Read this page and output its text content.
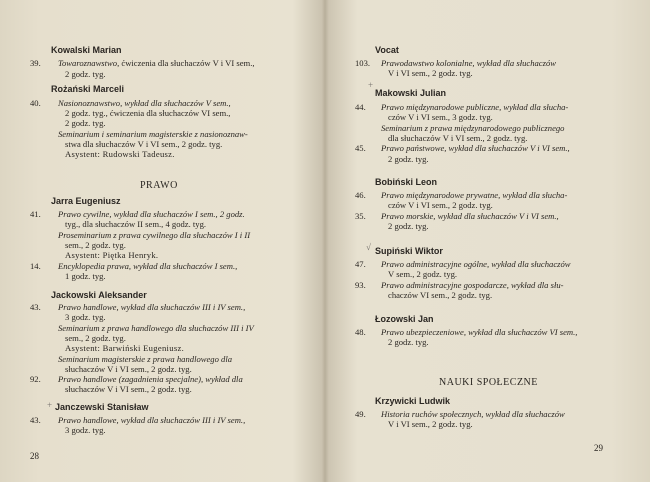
Kowalski Marian
39. Towaroznawstwo, ćwiczenia dla słuchaczów V i VI sem.,
2 godz. tyg.
Rożański Marceli
40. Nasionoznawstwo, wykład dla słuchaczów V sem.,
2 godz. tyg., ćwiczenia dla słuchaczów VI sem.,
2 godz. tyg.
Seminarium i seminarium magisterskie z nasionoznaw-
stwa dla słuchaczów V i VI sem., 2 godz. tyg.
Asystent: Rudowski Tadeusz.
PRAWO
Jarra Eugeniusz
41. Prawo cywilne, wykład dla słuchaczów I sem., 2 godz.
tyg., dla słuchaczów II sem., 4 godz. tyg.
Proseminarium z prawa cywilnego dla słuchaczów I i II
sem., 2 godz. tyg.
Asystent: Piętka Henryk.
14. Encyklopedia prawa, wykład dla słuchaczów I sem.,
1 godz. tyg.
Jackowski Aleksander
43. Prawo handlowe, wykład dla słuchaczów III i IV sem.,
3 godz. tyg.
Seminarium z prawa handlowego dla słuchaczów III i IV
sem., 2 godz. tyg.
Asystent: Barwiński Eugeniusz.
Seminarium magisterskie z prawa handlowego dla
słuchaczów V i VI sem., 2 godz. tyg.
92. Prawo handlowe (zagadnienia specjalne), wykład dla
słuchaczów V i VI sem., 2 godz. tyg.
+ Janczewski Stanisław
43. Prawo handlowe, wykład dla słuchaczów III i IV sem.,
3 godz. tyg.
28
Vocat
103. Prawodawstwo kolonialne, wykład dla słuchaczów
V i VI sem., 2 godz. tyg.
+
Makowski Julian
44. Prawo międzynarodowe publiczne, wykład dla słucha-
czów V i VI sem., 3 godz. tyg.
Seminarium z prawa międzynarodowego publicznego
dla słuchaczów V i VI sem., 2 godz. tyg.
45. Prawo państwowe, wykład dla słuchaczów V i VI sem.,
2 godz. tyg.
Bobiński Leon
46. Prawo międzynarodowe prywatne, wykład dla słucha-
czów V i VI sem., 2 godz. tyg.
35. Prawo morskie, wykład dla słuchaczów V i VI sem.,
2 godz. tyg.
√ Supiński Wiktor
47. Prawo administracyjne ogólne, wykład dla słuchaczów
V sem., 2 godz. tyg.
93. Prawo administracyjne gospodarcze, wykład dla słu-
chaczów VI sem., 2 godz. tyg.
Łozowski Jan
48. Prawo ubezpieczeniowe, wykład dla słuchaczów VI sem.,
2 godz. tyg.
NAUKI SPOŁECZNE
Krzywicki Ludwik
49. Historia ruchów społecznych, wykład dla słuchaczów
V i VI sem., 2 godz. tyg.
29
